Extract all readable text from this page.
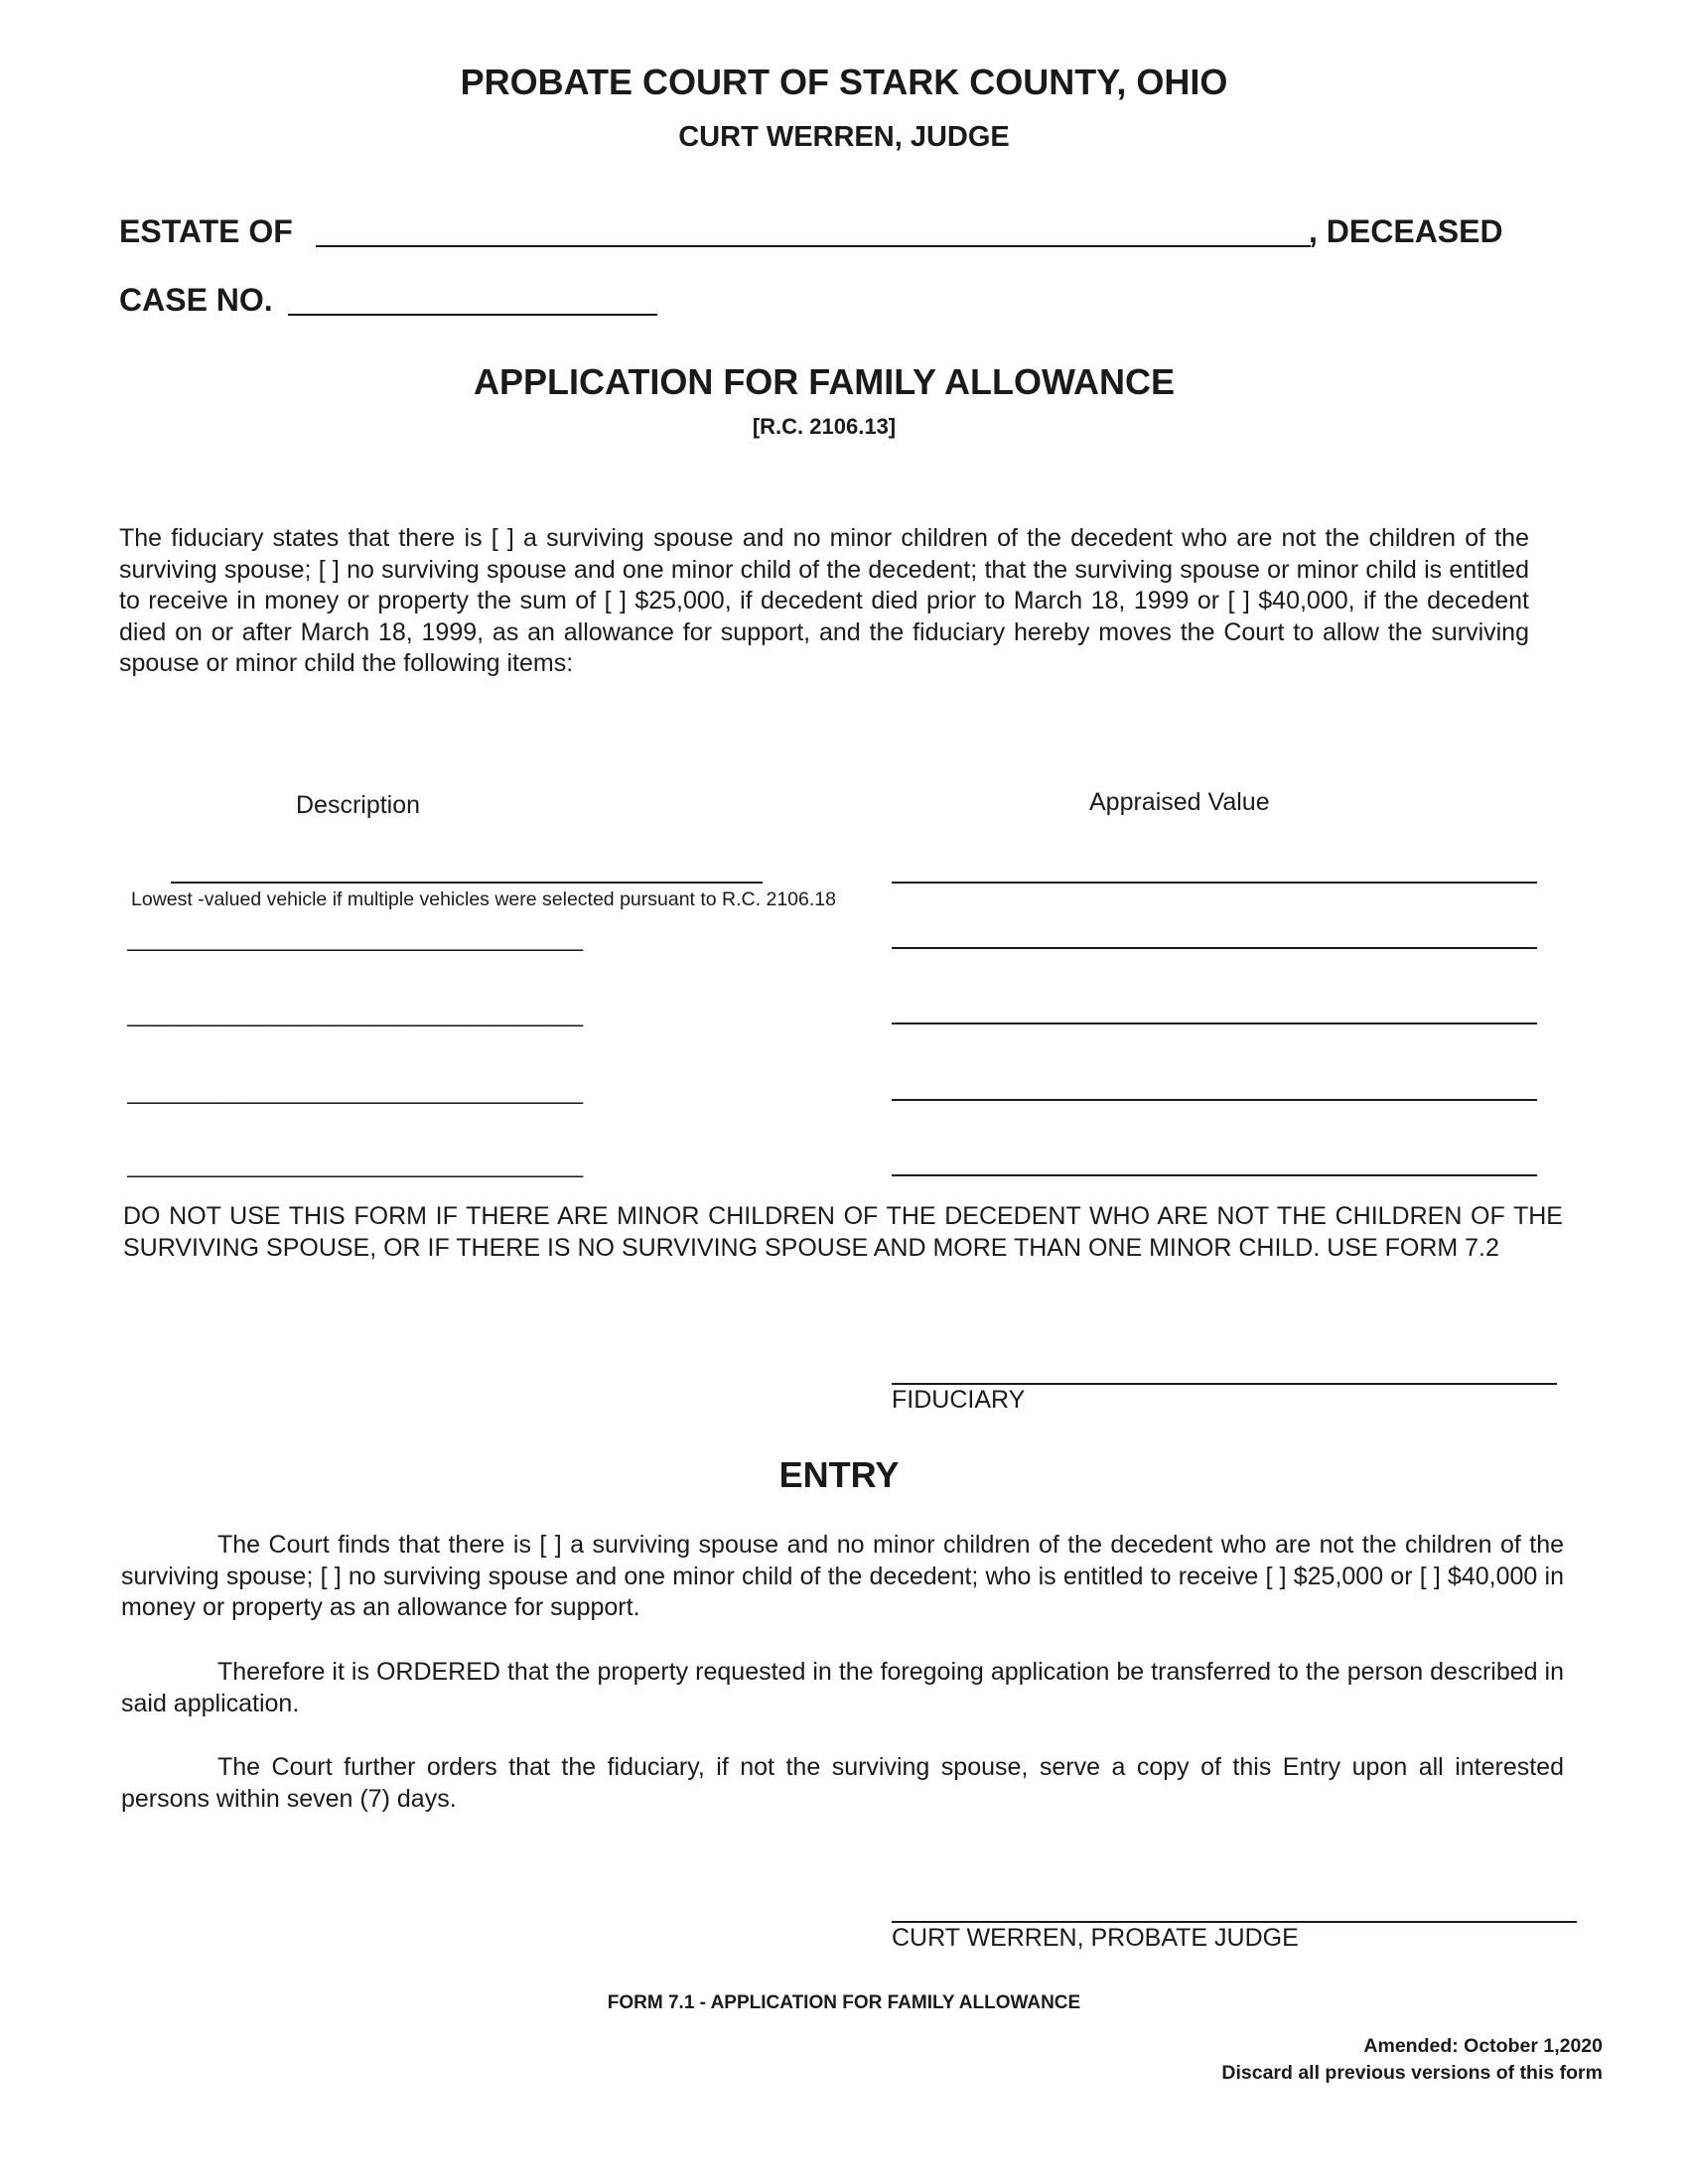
PROBATE COURT OF STARK COUNTY, OHIO
CURT WERREN, JUDGE
ESTATE OF	, DECEASED
CASE NO.
APPLICATION FOR FAMILY ALLOWANCE
[R.C. 2106.13]
The fiduciary states that there is [ ] a surviving spouse and no minor children of the decedent who are not the children of the surviving spouse; [ ] no surviving spouse and one minor child of the decedent; that the surviving spouse or minor child is entitled to receive in money or property the sum of [ ] $25,000, if decedent died prior to March 18, 1999 or [ ] $40,000, if the decedent died on or after March 18, 1999, as an allowance for support, and the fiduciary hereby moves the Court to allow the surviving spouse or minor child the following items:
Description	Appraised Value
Lowest -valued vehicle if multiple vehicles were selected pursuant to R.C. 2106.18
______________________________________
______________________________________
______________________________________
______________________________________
DO NOT USE THIS FORM IF THERE ARE MINOR CHILDREN OF THE DECEDENT WHO ARE NOT THE CHILDREN OF THE SURVIVING SPOUSE, OR IF THERE IS NO SURVIVING SPOUSE AND MORE THAN ONE MINOR CHILD. USE FORM 7.2
FIDUCIARY
ENTRY
The Court finds that there is [ ] a surviving spouse and no minor children of the decedent who are not the children of the surviving spouse; [ ] no surviving spouse and one minor child of the decedent; who is entitled to receive [ ] $25,000 or [ ] $40,000 in money or property as an allowance for support.
Therefore it is ORDERED that the property requested in the foregoing application be transferred to the person described in said application.
The Court further orders that the fiduciary, if not the surviving spouse, serve a copy of this Entry upon all interested persons within seven (7) days.
CURT WERREN, PROBATE JUDGE
FORM 7.1 - APPLICATION FOR FAMILY ALLOWANCE
Amended: October 1,2020
Discard all previous versions of this form
